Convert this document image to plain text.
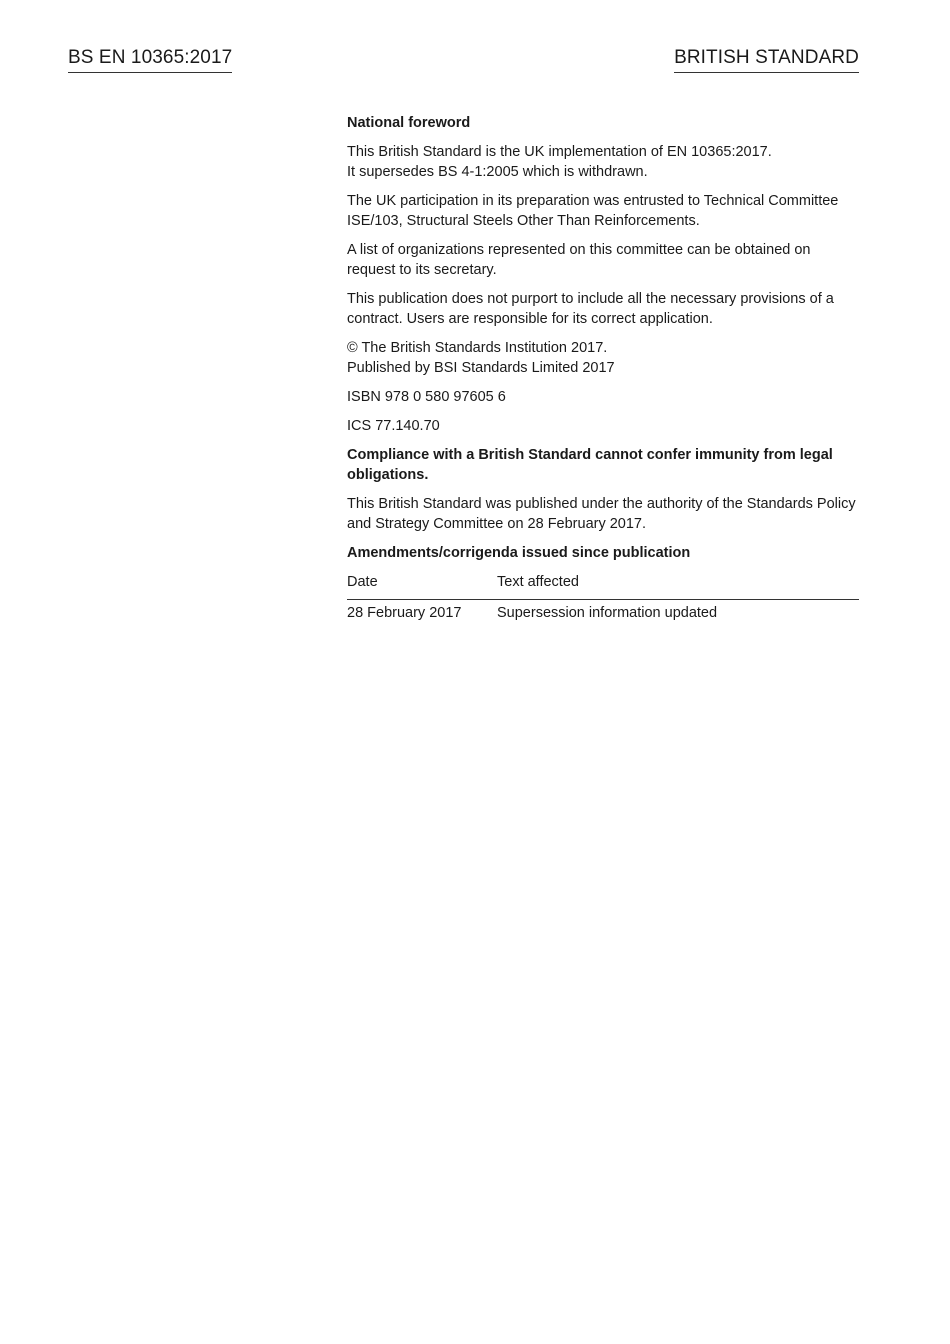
BS EN 10365:2017	BRITISH STANDARD

National foreword

This British Standard is the UK implementation of EN 10365:2017.
It supersedes BS 4-1:2005 which is withdrawn.

The UK participation in its preparation was entrusted to Technical Committee ISE/103, Structural Steels Other Than Reinforcements.

A list of organizations represented on this committee can be obtained on request to its secretary.

This publication does not purport to include all the necessary provisions of a contract. Users are responsible for its correct application.

© The British Standards Institution 2017.
Published by BSI Standards Limited 2017

ISBN 978 0 580 97605 6

ICS 77.140.70

Compliance with a British Standard cannot confer immunity from legal obligations.

This British Standard was published under the authority of the Standards Policy and Strategy Committee on 28 February 2017.

Amendments/corrigenda issued since publication

Date	Text affected
28 February 2017	Supersession information updated
